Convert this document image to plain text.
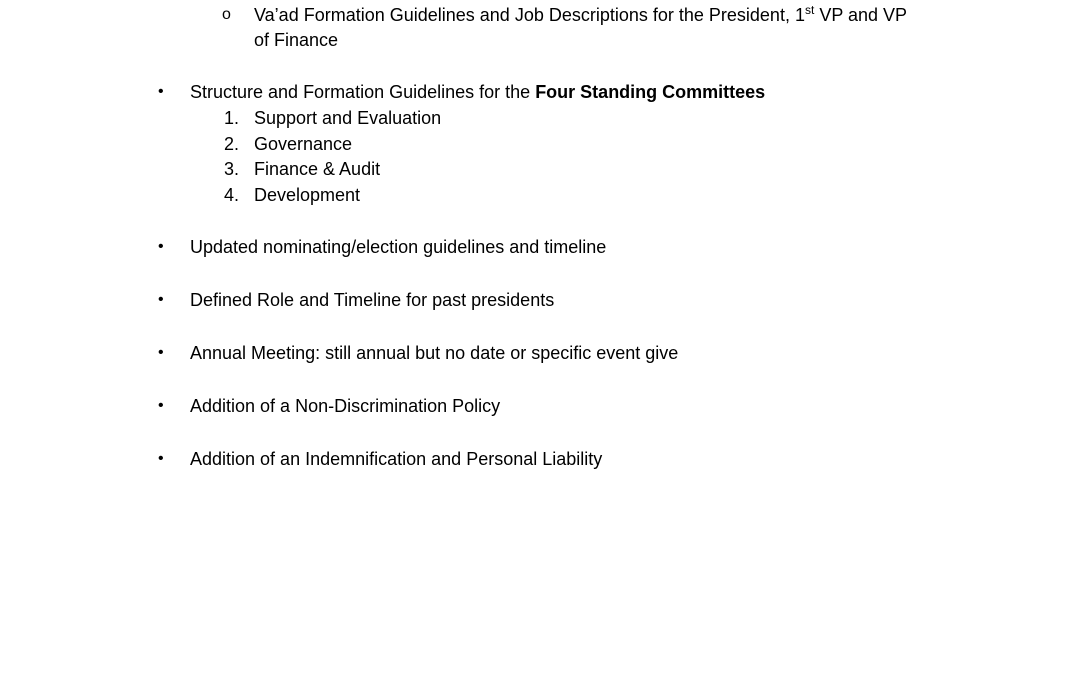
o Va’ad Formation Guidelines and Job Descriptions for the President, 1st VP and VP
of Finance
• Structure and Formation Guidelines for the Four Standing Committees
1. Support and Evaluation
2. Governance
3. Finance & Audit
4. Development
• Updated nominating/election guidelines and timeline
• Defined Role and Timeline for past presidents
• Annual Meeting: still annual but no date or specific event give
• Addition of a Non-Discrimination Policy
• Addition of an Indemnification and Personal Liability
